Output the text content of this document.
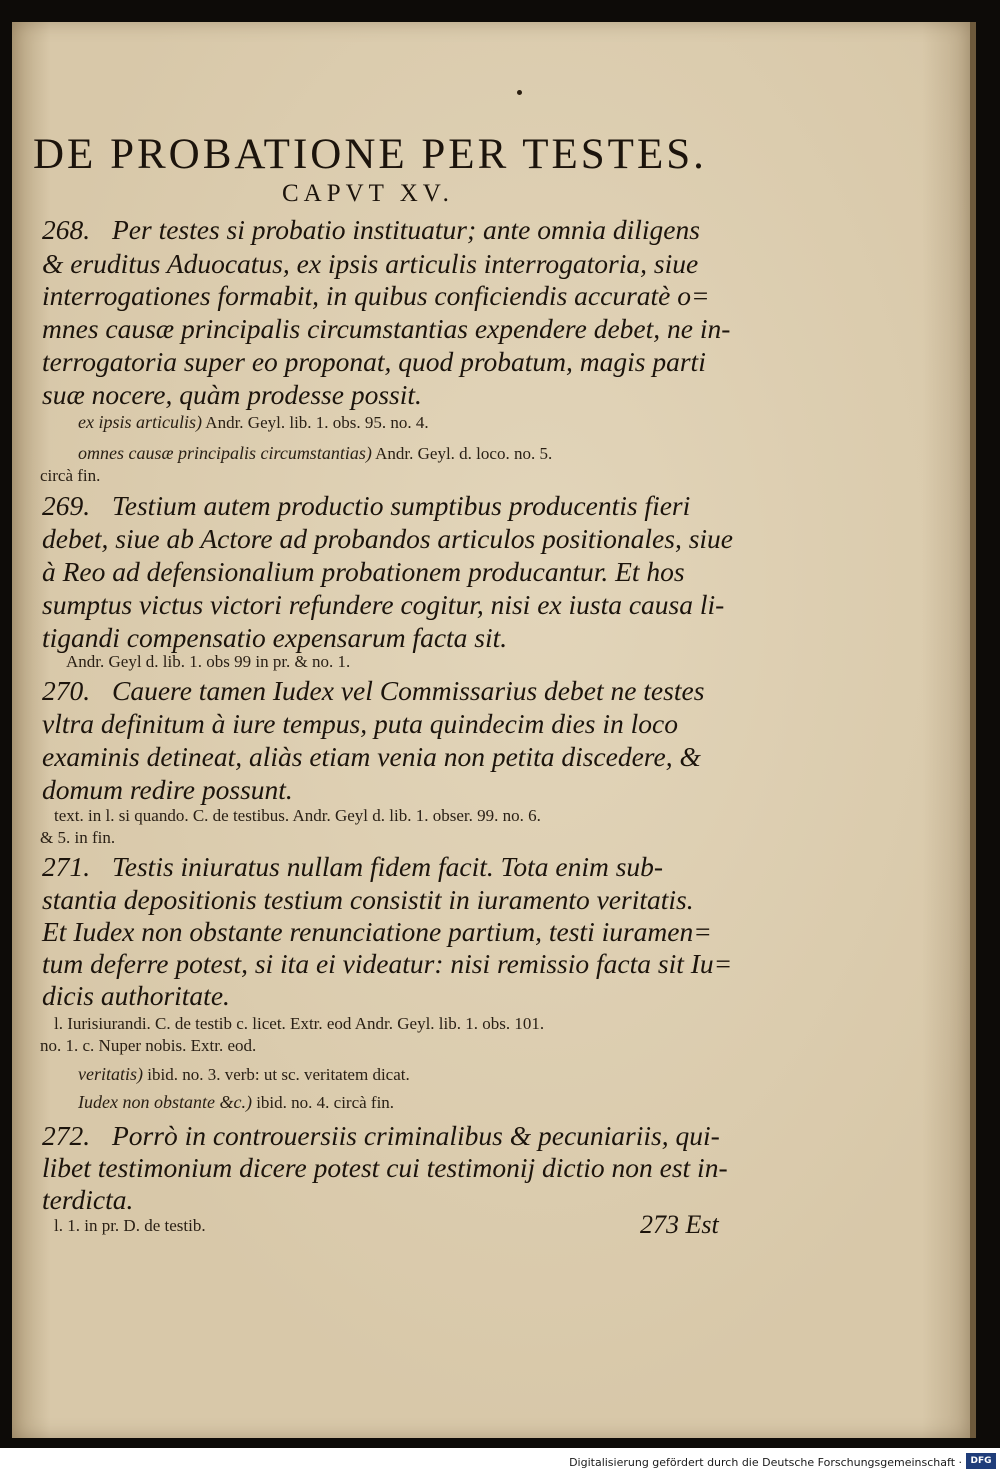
DE PROBATIONE PER TESTES.
CAPVT XV.
268. Per testes si probatio instituatur; ante omnia diligens
& eruditus Aduocatus, ex ipsis articulis interrogatoria, siue
interrogationes formabit, in quibus conficiendis accuratè o=
mnes causæ principalis circumstantias expendere debet, ne in-
terrogatoria super eo proponat, quod probatum, magis parti
suæ nocere, quàm prodesse possit.
ex ipsis articulis) Andr. Geyl. lib. 1. obs. 95. no. 4.
omnes causæ principalis circumstantias) Andr. Geyl. d. loco. no. 5.
circà fin.
269. Testium autem productio sumptibus producentis fieri
debet, siue ab Actore ad probandos articulos positionales, siue
à Reo ad defensionalium probationem producantur. Et hos
sumptus victus victori refundere cogitur, nisi ex iusta causa li-
tigandi compensatio expensarum facta sit.
Andr. Geyl d. lib. 1. obs 99 in pr. & no. 1.
270. Cauere tamen Iudex vel Commissarius debet ne testes
vltra definitum à iure tempus, puta quindecim dies in loco
examinis detineat, aliàs etiam venia non petita discedere, &
domum redire possunt.
text. in l. si quando. C. de testibus. Andr. Geyl d. lib. 1. obser. 99. no. 6.
& 5. in fin.
271. Testis iniuratus nullam fidem facit. Tota enim sub-
stantia depositionis testium consistit in iuramento veritatis.
Et Iudex non obstante renunciatione partium, testi iuramen=
tum deferre potest, si ita ei videatur: nisi remissio facta sit Iu=
dicis authoritate.
l. Iurisiurandi. C. de testib c. licet. Extr. eod Andr. Geyl. lib. 1. obs. 101.
no. 1. c. Nuper nobis. Extr. eod.
veritatis) ibid. no. 3. verb: ut sc. veritatem dicat.
Iudex non obstante &c.) ibid. no. 4. circà fin.
272. Porrò in controuersiis criminalibus & pecuniariis, qui-
libet testimonium dicere potest cui testimonij dictio non est in-
terdicta.
l. 1. in pr. D. de testib.	273 Est
Digitalisierung gefördert durch die Deutsche Forschungsgemeinschaft · DFG
